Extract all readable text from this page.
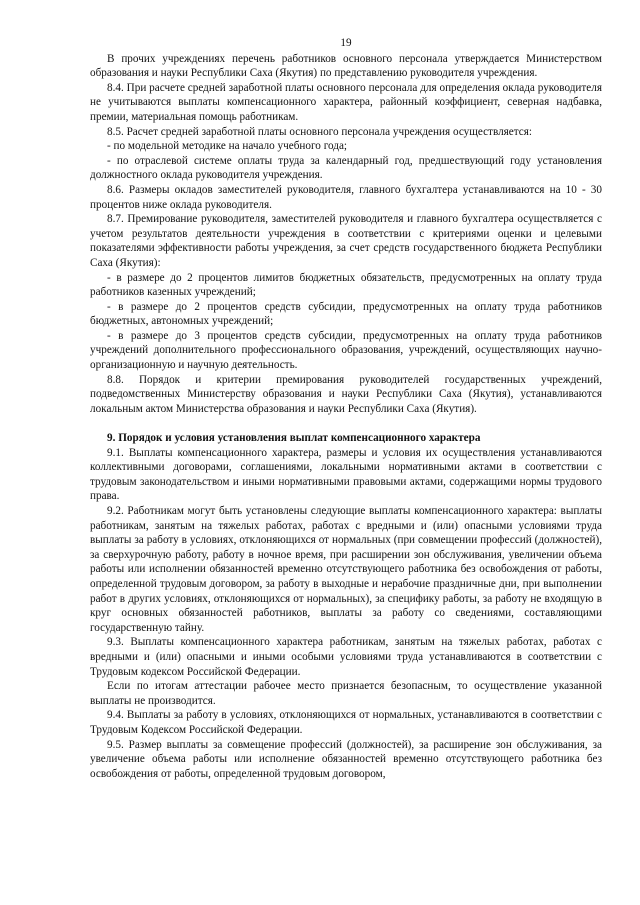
19

В прочих учреждениях перечень работников основного персонала утверждается Министерством образования и науки Республики Саха (Якутия) по представлению руководителя учреждения.

8.4. При расчете средней заработной платы основного персонала для определения оклада руководителя не учитываются выплаты компенсационного характера, районный коэффициент, северная надбавка, премии, материальная помощь работникам.

8.5. Расчет средней заработной платы основного персонала учреждения осуществляется:

- по модельной методике на начало учебного года;

- по отраслевой системе оплаты труда за календарный год, предшествующий году установления должностного оклада руководителя учреждения.

8.6. Размеры окладов заместителей руководителя, главного бухгалтера устанавливаются на 10 - 30 процентов ниже оклада руководителя.

8.7. Премирование руководителя, заместителей руководителя и главного бухгалтера осуществляется с учетом результатов деятельности учреждения в соответствии с критериями оценки и целевыми показателями эффективности работы учреждения, за счет средств государственного бюджета Республики Саха (Якутия):

- в размере до 2 процентов лимитов бюджетных обязательств, предусмотренных на оплату труда работников казенных учреждений;

- в размере до 2 процентов средств субсидии, предусмотренных на оплату труда работников бюджетных, автономных учреждений;

- в размере до 3 процентов средств субсидии, предусмотренных на оплату труда работников учреждений дополнительного профессионального образования, учреждений, осуществляющих научно-организационную и научную деятельность.

8.8. Порядок и критерии премирования руководителей государственных учреждений, подведомственных Министерству образования и науки Республики Саха (Якутия), устанавливаются локальным актом Министерства образования и науки Республики Саха (Якутия).

9. Порядок и условия установления выплат компенсационного характера

9.1. Выплаты компенсационного характера, размеры и условия их осуществления устанавливаются коллективными договорами, соглашениями, локальными нормативными актами в соответствии с трудовым законодательством и иными нормативными правовыми актами, содержащими нормы трудового права.

9.2. Работникам могут быть установлены следующие выплаты компенсационного характера: выплаты работникам, занятым на тяжелых работах, работах с вредными и (или) опасными условиями труда выплаты за работу в условиях, отклоняющихся от нормальных (при совмещении профессий (должностей), за сверхурочную работу, работу в ночное время, при расширении зон обслуживания, увеличении объема работы или исполнении обязанностей временно отсутствующего работника без освобождения от работы, определенной трудовым договором, за работу в выходные и нерабочие праздничные дни, при выполнении работ в других условиях, отклоняющихся от нормальных), за специфику работы, за работу не входящую в круг основных обязанностей работников, выплаты за работу со сведениями, составляющими государственную тайну.

9.3. Выплаты компенсационного характера работникам, занятым на тяжелых работах, работах с вредными и (или) опасными и иными особыми условиями труда устанавливаются в соответствии с Трудовым кодексом Российской Федерации.

Если по итогам аттестации рабочее место признается безопасным, то осуществление указанной выплаты не производится.

9.4. Выплаты за работу в условиях, отклоняющихся от нормальных, устанавливаются в соответствии с Трудовым Кодексом Российской Федерации.

9.5. Размер выплаты за совмещение профессий (должностей), за расширение зон обслуживания, за увеличение объема работы или исполнение обязанностей временно отсутствующего работника без освобождения от работы, определенной трудовым договором,
